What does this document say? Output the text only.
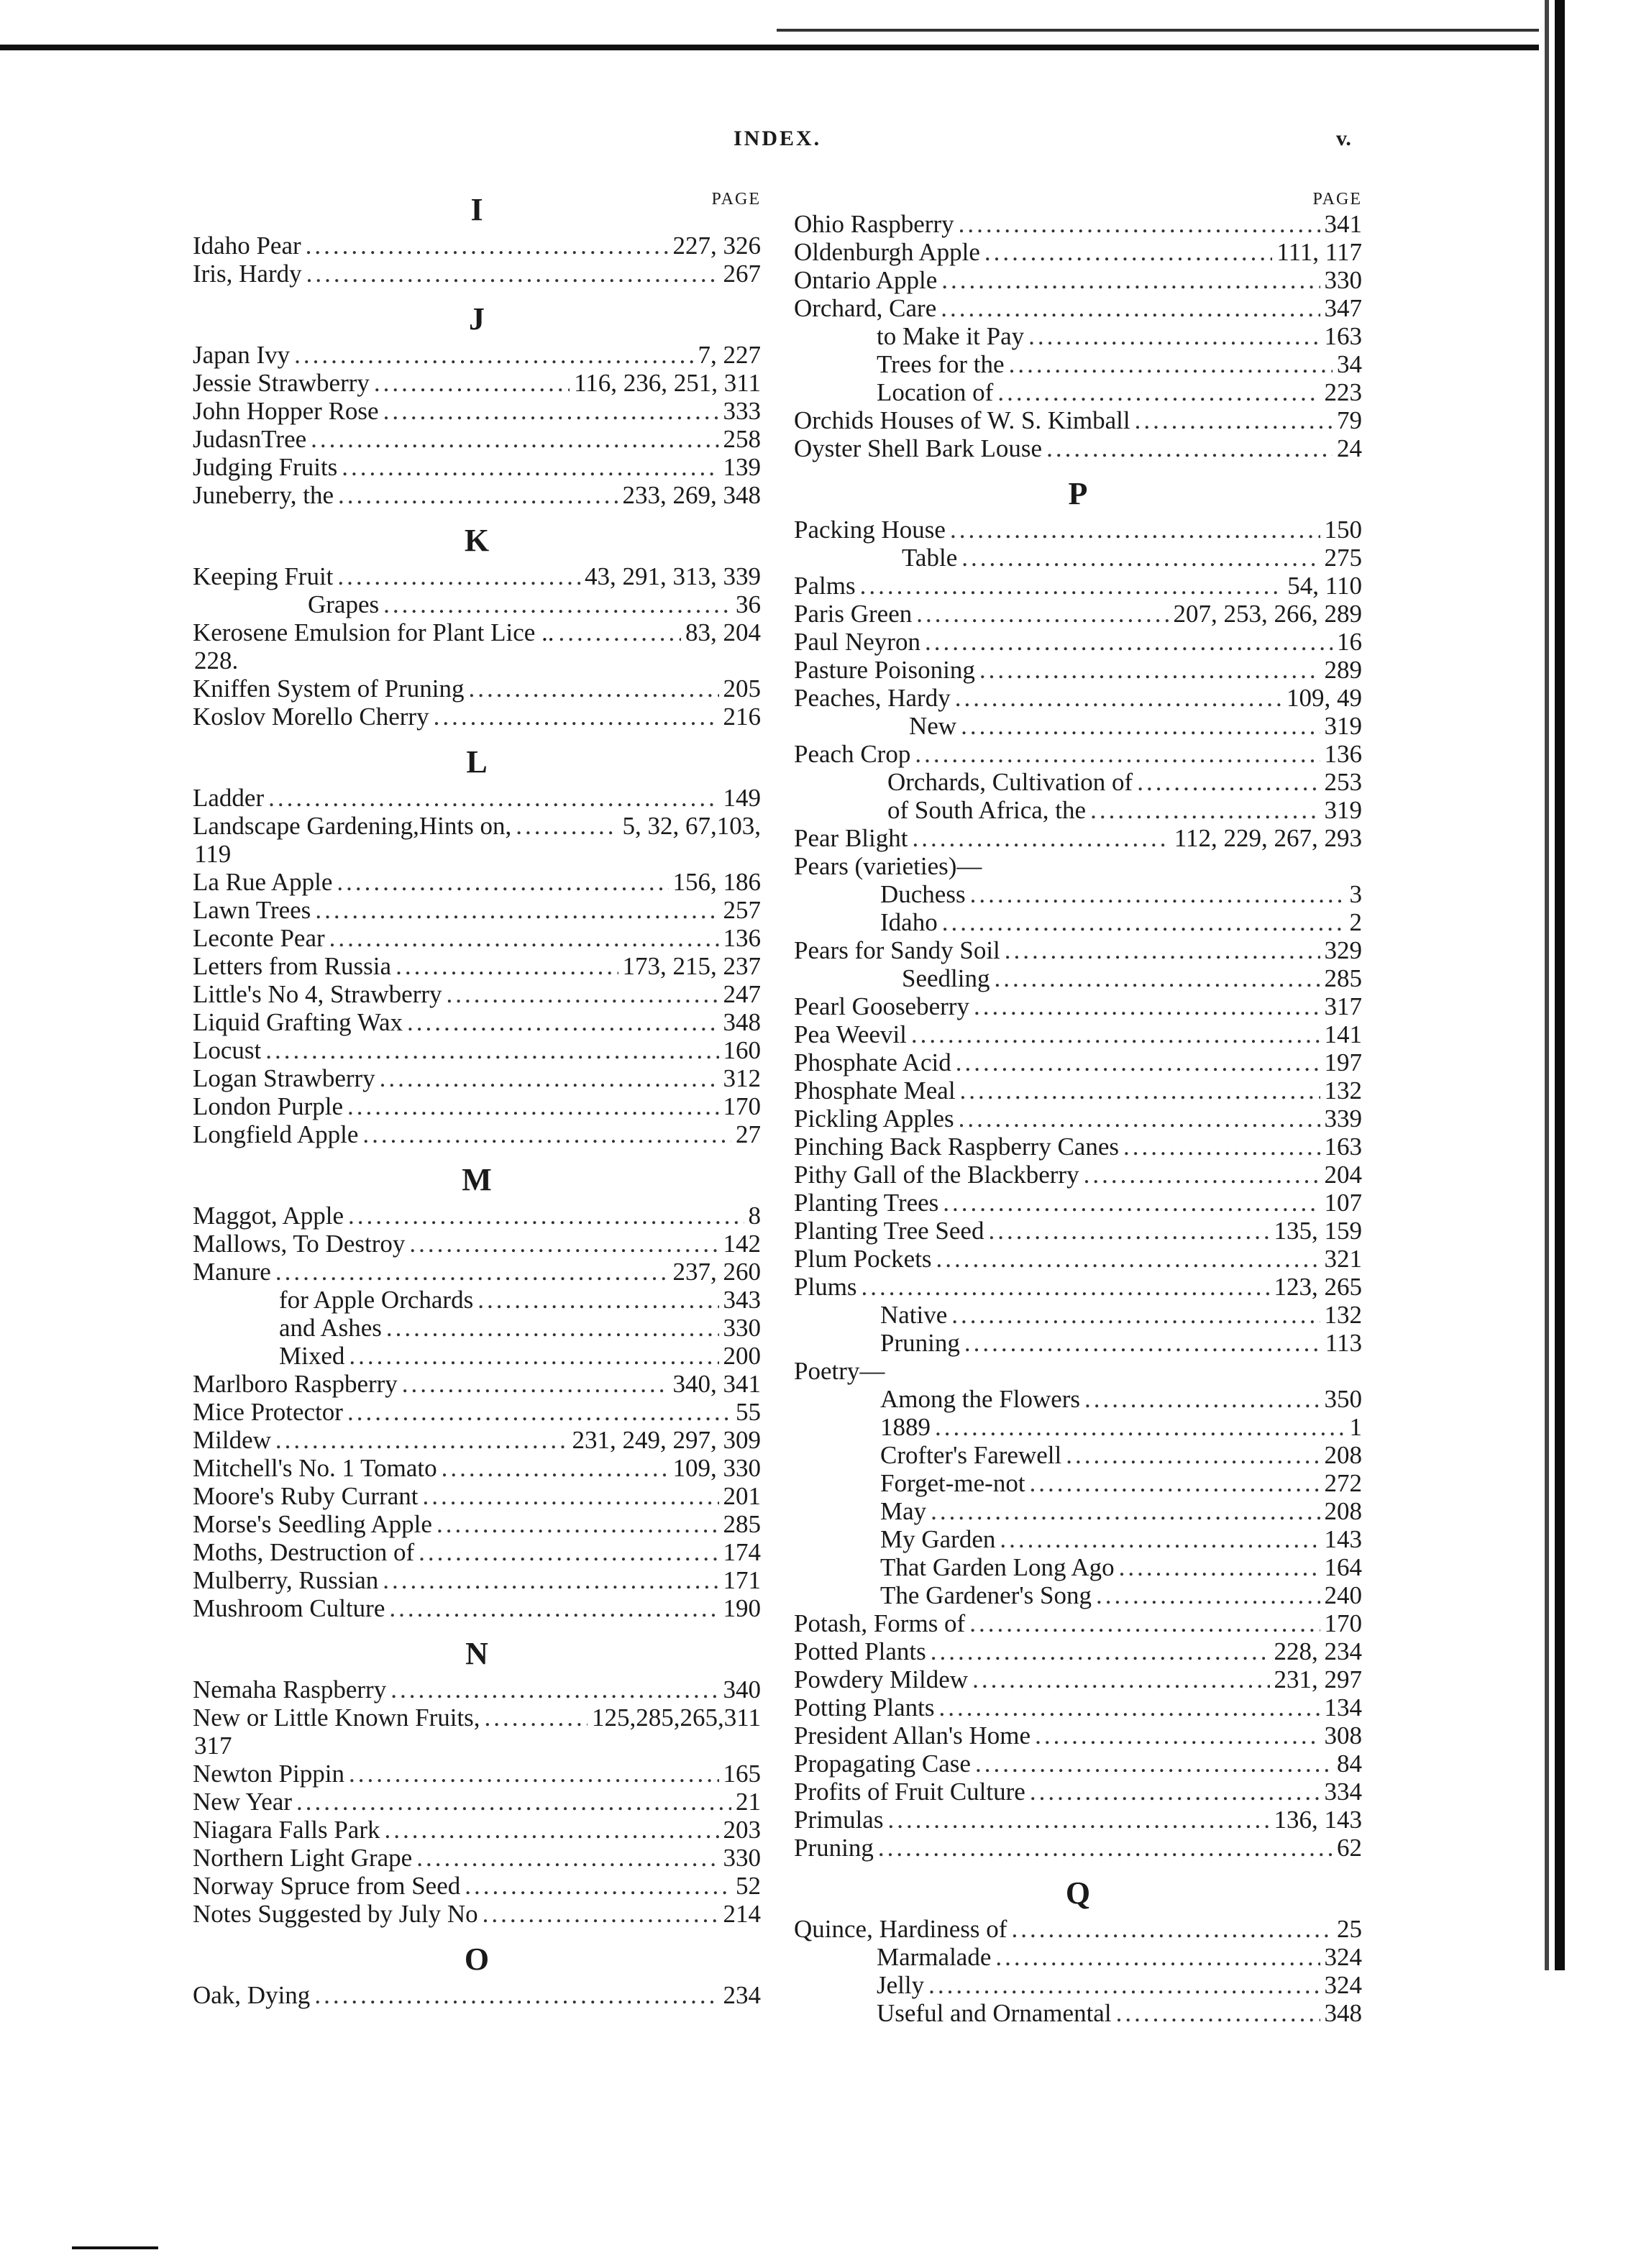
INDEX.	v.
PAGE
I
Idaho Pear .....	227, 326
Iris, Hardy .....	267
J
Japan Ivy .....	7, 227
Jessie Strawberry .....	116, 236, 251, 311
John Hopper Rose .....	333
JudasnTree .....	258
Judging Fruits .....	139
Juneberry, the .....	233, 269, 348
K
Keeping Fruit .....	43, 291, 313, 339
Grapes .....	36
Kerosene Emulsion for Plant Lice .. .....	83, 204
228.
Kniffen System of Pruning .....	205
Koslov Morello Cherry .....	216
L
Ladder .....	149
Landscape Gardening,Hints on, .....	5, 32, 67,103,
119
La Rue Apple .....	156, 186
Lawn Trees .....	257
Leconte Pear .....	136
Letters from Russia .....	173, 215, 237
Little's No 4, Strawberry .....	247
Liquid Grafting Wax .....	348
Locust .....	160
Logan Strawberry .....	312
London Purple .....	170
Longfield Apple .....	27
M
Maggot, Apple .....	8
Mallows, To Destroy .....	142
Manure .....	237, 260
for Apple Orchards .....	343
and Ashes .....	330
Mixed .....	200
Marlboro Raspberry .....	340, 341
Mice Protector .....	55
Mildew .....	231, 249, 297, 309
Mitchell's No. 1 Tomato .....	109, 330
Moore's Ruby Currant .....	201
Morse's Seedling Apple .....	285
Moths, Destruction of .....	174
Mulberry, Russian .....	171
Mushroom Culture .....	190
N
Nemaha Raspberry .....	340
New or Little Known Fruits, .....	125,285,265,311
317
Newton Pippin .....	165
New Year .....	21
Niagara Falls Park .....	203
Northern Light Grape .....	330
Norway Spruce from Seed .....	52
Notes Suggested by July No .....	214
O
Oak, Dying .....	234
PAGE
Ohio Raspberry .....	341
Oldenburgh Apple .....	111, 117
Ontario Apple .....	330
Orchard, Care .....	347
to Make it Pay .....	163
Trees for the .....	34
Location of .....	223
Orchids Houses of W. S. Kimball .....	79
Oyster Shell Bark Louse .....	24
P
Packing House .....	150
Table .....	275
Palms .....	54, 110
Paris Green .....	207, 253, 266, 289
Paul Neyron .....	16
Pasture Poisoning .....	289
Peaches, Hardy .....	109, 49
New .....	319
Peach Crop .....	136
Orchards, Cultivation of .....	253
of South Africa, the .....	319
Pear Blight .....	112, 229, 267, 293
Pears (varieties)—
Duchess .....	3
Idaho .....	2
Pears for Sandy Soil .....	329
Seedling .....	285
Pearl Gooseberry .....	317
Pea Weevil .....	141
Phosphate Acid .....	197
Phosphate Meal .....	132
Pickling Apples .....	339
Pinching Back Raspberry Canes .....	163
Pithy Gall of the Blackberry .....	204
Planting Trees .....	107
Planting Tree Seed .....	135, 159
Plum Pockets .....	321
Plums .....	123, 265
Native .....	132
Pruning .....	113
Poetry—
Among the Flowers .....	350
1889 .....	1
Crofter's Farewell .....	208
Forget-me-not .....	272
May .....	208
My Garden .....	143
That Garden Long Ago .....	164
The Gardener's Song .....	240
Potash, Forms of .....	170
Potted Plants .....	228, 234
Powdery Mildew .....	231, 297
Potting Plants .....	134
President Allan's Home .....	308
Propagating Case .....	84
Profits of Fruit Culture .....	334
Primulas .....	136, 143
Pruning .....	62
Q
Quince, Hardiness of .....	25
Marmalade .....	324
Jelly .....	324
Useful and Ornamental .....	348
